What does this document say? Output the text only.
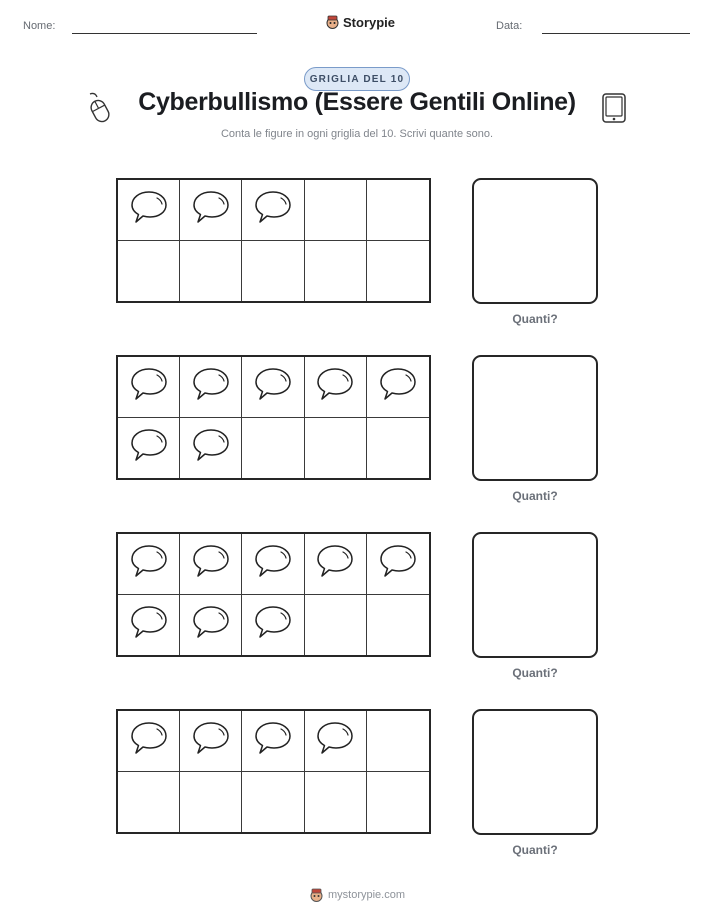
Nome:	Storypie	Data:
GRIGLIA DEL 10
Cyberbullismo (Essere Gentili Online)
Conta le figure in ogni griglia del 10. Scrivi quante sono.
Quanti?
Quanti?
Quanti?
Quanti?
mystorypie.com
